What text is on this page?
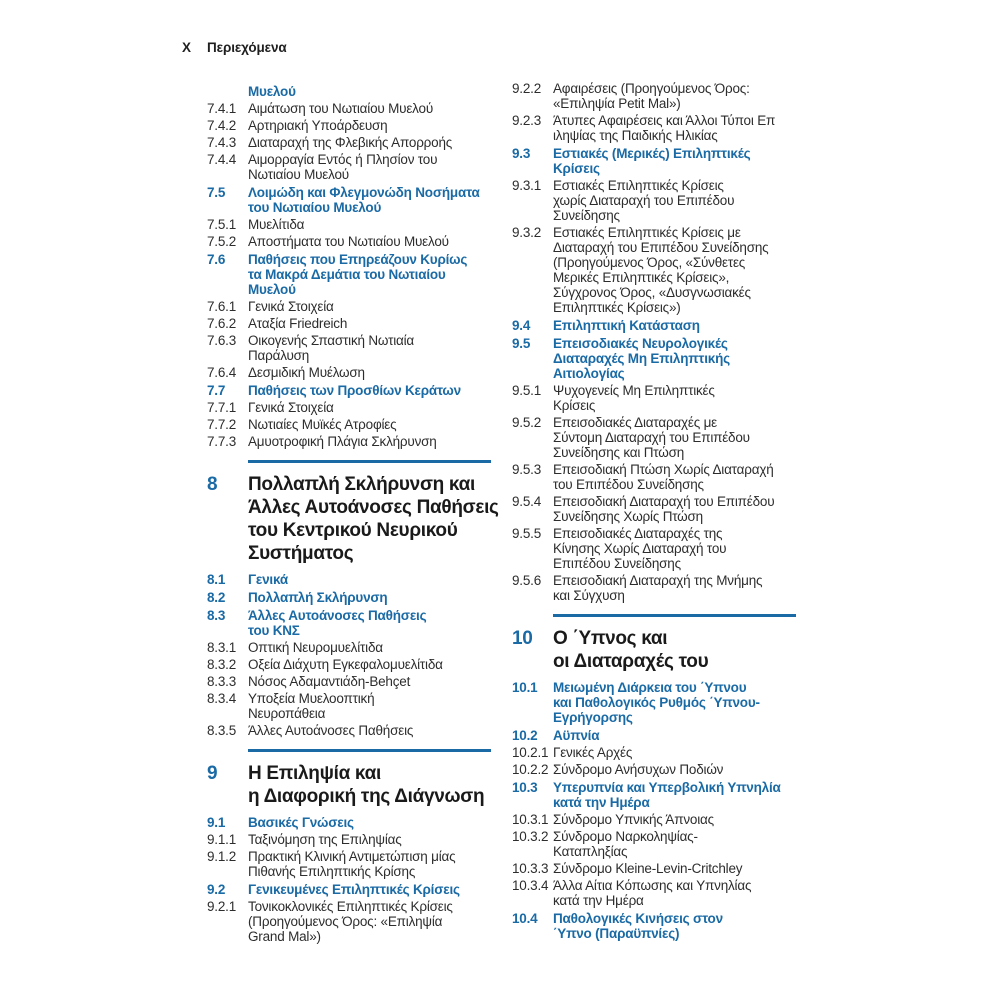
X	Περιεχόμενα
Μυελού
7.4.1 Αιμάτωση του Νωτιαίου Μυελού
7.4.2 Αρτηριακή Υποάρδευση
7.4.3 Διαταραχή της Φλεβικής Απορροής
7.4.4 Αιμορραγία Εντός ή Πλησίον του
Νωτιαίου Μυελού
7.5	Λοιμώδη και Φλεγμονώδη Νοσήματα
του Νωτιαίου Μυελού
7.5.1 Μυελίτιδα
7.5.2 Αποστήματα του Νωτιαίου Μυελού
7.6	Παθήσεις που Επηρεάζουν Κυρίως
τα Μακρά Δεμάτια του Νωτιαίου
Μυελού
7.6.1 Γενικά Στοιχεία
7.6.2 Αταξία Friedreich
7.6.3 Οικογενής Σπαστική Νωτιαία
Παράλυση
7.6.4 Δεσμιδική Μυέλωση
7.7	Παθήσεις των Προσθίων Κεράτων
7.7.1 Γενικά Στοιχεία
7.7.2 Νωτιαίες Μυϊκές Ατροφίες
7.7.3 Αμυοτροφική Πλάγια Σκλήρυνση
8	Πολλαπλή Σκλήρυνση και
Άλλες Αυτοάνοσες Παθήσεις
του Κεντρικού Νευρικού
Συστήματος
8.1	Γενικά
8.2	Πολλαπλή Σκλήρυνση
8.3	Άλλες Αυτοάνοσες Παθήσεις
του ΚΝΣ
8.3.1 Οπτική Νευρομυελίτιδα
8.3.2 Οξεία Διάχυτη Εγκεφαλομυελίτιδα
8.3.3 Νόσος Αδαμαντιάδη-Behçet
8.3.4 Υποξεία Μυελοοπτική
Νευροπάθεια
8.3.5 Άλλες Αυτοάνοσες Παθήσεις
9	Η Επιληψία και
η Διαφορική της Διάγνωση
9.1	Βασικές Γνώσεις
9.1.1 Ταξινόμηση της Επιληψίας
9.1.2 Πρακτική Κλινική Αντιμετώπιση μίας
Πιθανής Επιληπτικής Κρίσης
9.2	Γενικευμένες Επιληπτικές Κρίσεις
9.2.1 Τονικοκλονικές Επιληπτικές Κρίσεις
(Προηγούμενος Όρος: «Επιληψία
Grand Mal»)
9.2.2 Αφαιρέσεις (Προηγούμενος Όρος:
«Επιληψία Petit Mal»)
9.2.3 Άτυπες Αφαιρέσεις και Άλλοι Τύποι Επ
ιληψίας της Παιδικής Ηλικίας
9.3	Εστιακές (Μερικές) Επιληπτικές
Κρίσεις
9.3.1 Εστιακές Επιληπτικές Κρίσεις
χωρίς Διαταραχή του Επιπέδου
Συνείδησης
9.3.2 Εστιακές Επιληπτικές Κρίσεις με
Διαταραχή του Επιπέδου Συνείδησης
(Προηγούμενος Όρος, «Σύνθετες
Μερικές Επιληπτικές Κρίσεις»,
Σύγχρονος Όρος, «Δυσγνωσιακές
Επιληπτικές Κρίσεις»)
9.4	Επιληπτική Κατάσταση
9.5	Επεισοδιακές Νευρολογικές
Διαταραχές Μη Επιληπτικής
Αιτιολογίας
9.5.1 Ψυχογενείς Μη Επιληπτικές
Κρίσεις
9.5.2 Επεισοδιακές Διαταραχές με
Σύντομη Διαταραχή του Επιπέδου
Συνείδησης και Πτώση
9.5.3 Επεισοδιακή Πτώση Χωρίς Διαταραχή
του Επιπέδου Συνείδησης
9.5.4 Επεισοδιακή Διαταραχή του Επιπέδου
Συνείδησης Χωρίς Πτώση
9.5.5 Επεισοδιακές Διαταραχές της
Κίνησης Χωρίς Διαταραχή του
Επιπέδου Συνείδησης
9.5.6 Επεισοδιακή Διαταραχή της Μνήμης
και Σύγχυση
10	Ο ΄Υπνος και
οι Διαταραχές του
10.1	Μειωμένη Διάρκεια του ΄Υπνου
και Παθολογικός Ρυθμός ΄Υπνου-
Εγρήγορσης
10.2	Αϋπνία
10.2.1 Γενικές Αρχές
10.2.2 Σύνδρομο Ανήσυχων Ποδιών
10.3	Υπερυπνία και Υπερβολική Υπνηλία
κατά την Ημέρα
10.3.1 Σύνδρομο Υπνικής Άπνοιας
10.3.2 Σύνδρομο Ναρκοληψίας-
Καταπληξίας
10.3.3 Σύνδρομο Kleine-Levin-Critchley
10.3.4 Άλλα Αίτια Κόπωσης και Υπνηλίας
κατά την Ημέρα
10.4	Παθολογικές Κινήσεις στον
΄Υπνο (Παραϋπνίες)
